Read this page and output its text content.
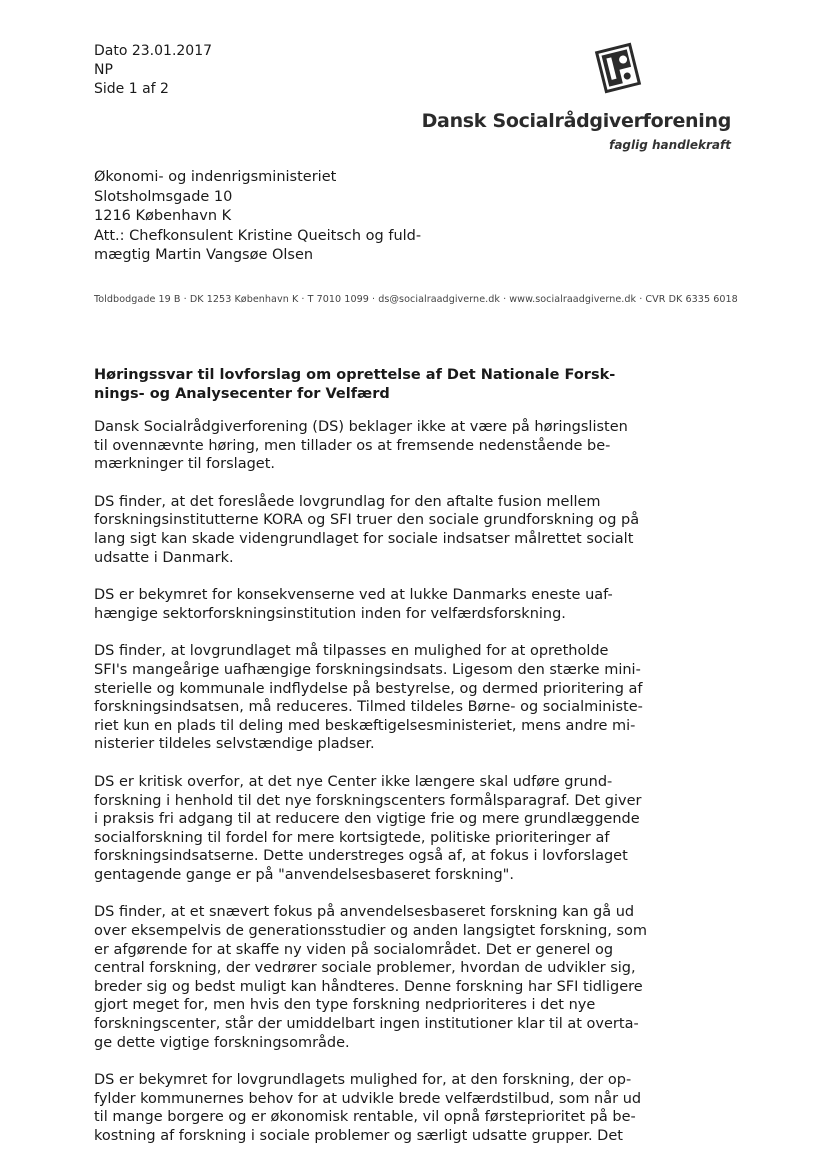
Dato 23.01.2017
NP
Side 1 af 2
Dansk Socialrådgiverforening
faglig handlekraft
Økonomi- og indenrigsministeriet
Slotsholmsgade 10
1216 København K
Att.: Chefkonsulent Kristine Queitsch og fuld-
mægtig Martin Vangsøe Olsen
Toldbodgade 19 B · DK 1253 København K · T 7010 1099 · ds@socialraadgiverne.dk · www.socialraadgiverne.dk · CVR DK 6335 6018
Høringssvar til lovforslag om oprettelse af Det Nationale Forsk-
nings- og Analysecenter for Velfærd
Dansk Socialrådgiverforening (DS) beklager ikke at være på høringslisten
til ovennævnte høring, men tillader os at fremsende nedenstående be-
mærkninger til forslaget.
DS finder, at det foreslåede lovgrundlag for den aftalte fusion mellem
forskningsinstitutterne KORA og SFI truer den sociale grundforskning og på
lang sigt kan skade videngrundlaget for sociale indsatser målrettet socialt
udsatte i Danmark.
DS er bekymret for konsekvenserne ved at lukke Danmarks eneste uaf-
hængige sektorforskningsinstitution inden for velfærdsforskning.
DS finder, at lovgrundlaget må tilpasses en mulighed for at opretholde
SFI's mangeårige uafhængige forskningsindsats. Ligesom den stærke mini-
sterielle og kommunale indflydelse på bestyrelse, og dermed prioritering af
forskningsindsatsen, må reduceres. Tilmed tildeles Børne- og socialministe-
riet kun en plads til deling med beskæftigelsesministeriet, mens andre mi-
nisterier tildeles selvstændige pladser.
DS er kritisk overfor, at det nye Center ikke længere skal udføre grund-
forskning i henhold til det nye forskningscenters formålsparagraf. Det giver
i praksis fri adgang til at reducere den vigtige frie og mere grundlæggende
socialforskning til fordel for mere kortsigtede, politiske prioriteringer af
forskningsindsatserne. Dette understreges også af, at fokus i lovforslaget
gentagende gange er på "anvendelsesbaseret forskning".
DS finder, at et snævert fokus på anvendelsesbaseret forskning kan gå ud
over eksempelvis de generationsstudier og anden langsigtet forskning, som
er afgørende for at skaffe ny viden på socialområdet. Det er generel og
central forskning, der vedrører sociale problemer, hvordan de udvikler sig,
breder sig og bedst muligt kan håndteres. Denne forskning har SFI tidligere
gjort meget for, men hvis den type forskning nedprioriteres i det nye
forskningscenter, står der umiddelbart ingen institutioner klar til at overta-
ge dette vigtige forskningsområde.
DS er bekymret for lovgrundlagets mulighed for, at den forskning, der op-
fylder kommunernes behov for at udvikle brede velfærdstilbud, som når ud
til mange borgere og er økonomisk rentable, vil opnå førsteprioritet på be-
kostning af forskning i sociale problemer og særligt udsatte grupper. Det
